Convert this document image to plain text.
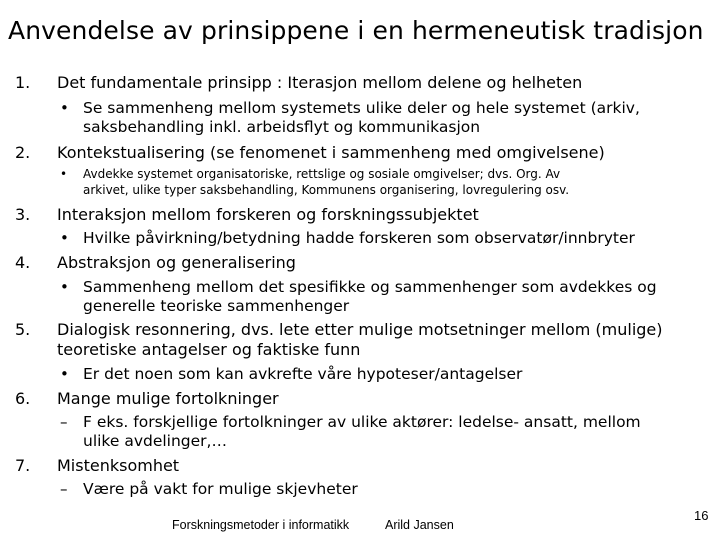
Anvendelse av prinsippene i en hermeneutisk tradisjon
1. Det fundamentale prinsipp : Iterasjon mellom delene og helheten
• Se sammenheng mellom systemets ulike deler og hele systemet (arkiv,
saksbehandling inkl. arbeidsflyt og kommunikasjon
2. Kontekstualisering (se fenomenet i sammenheng med omgivelsene)
• Avdekke systemet organisatoriske, rettslige og sosiale omgivelser; dvs. Org. Av
arkivet, ulike typer saksbehandling, Kommunens organisering, lovregulering osv.
3. Interaksjon mellom forskeren og forskningssubjektet
• Hvilke påvirkning/betydning hadde forskeren som observatør/innbryter
4. Abstraksjon og generalisering
• Sammenheng mellom det spesifikke og sammenhenger som avdekkes og
generelle teoriske sammenhenger
5. Dialogisk resonnering, dvs. lete etter mulige motsetninger mellom (mulige)
teoretiske antagelser og faktiske funn
• Er det noen som kan avkrefte våre hypoteser/antagelser
6. Mange mulige fortolkninger
– F eks. forskjellige fortolkninger av ulike aktører: ledelse- ansatt, mellom
ulike avdelinger,…
7. Mistenksomhet
– Være på vakt for mulige skjevheter
Forskningsmetoder i informatikk	Arild Jansen
16
